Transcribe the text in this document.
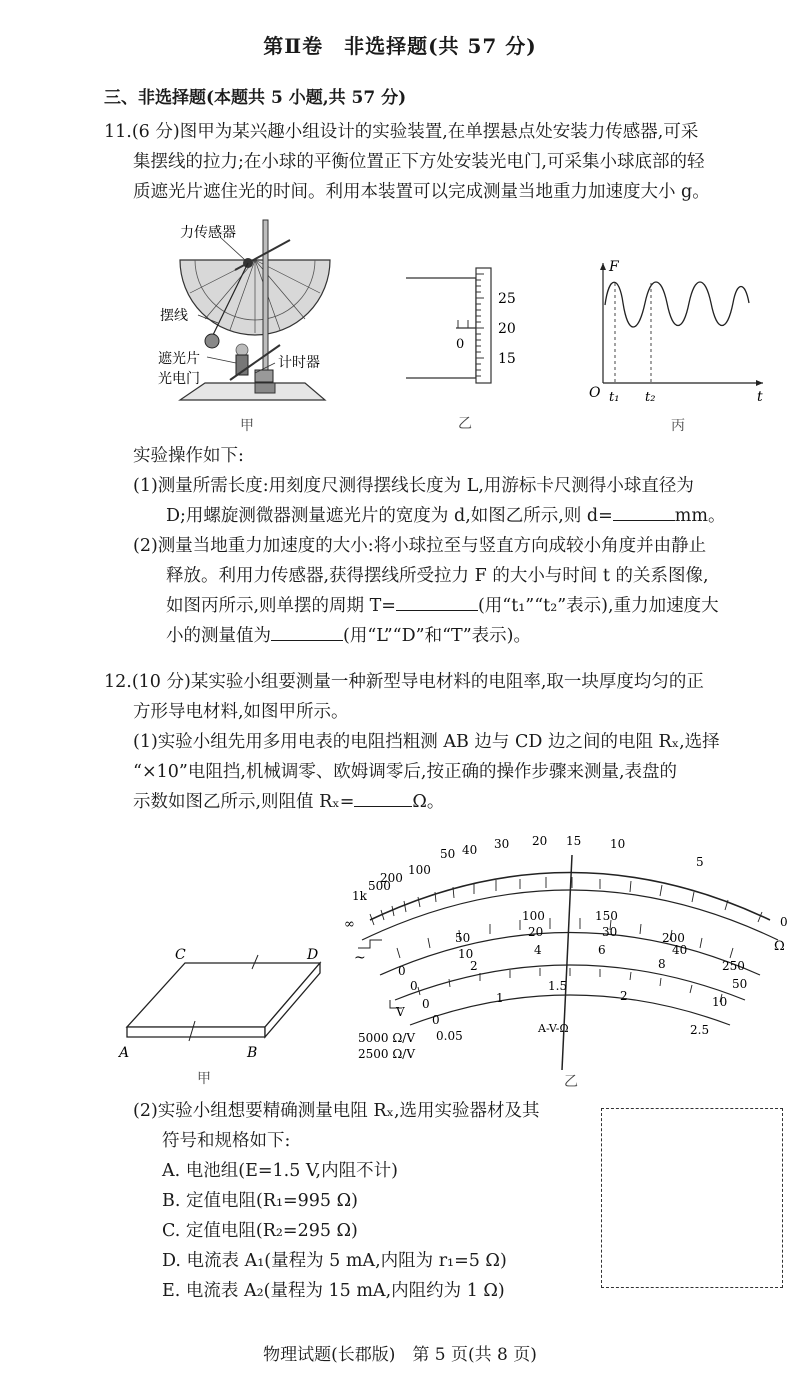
第Ⅱ卷　非选择题(共 57 分)
三、非选择题(本题共 5 小题,共 57 分)
11.(6 分)图甲为某兴趣小组设计的实验装置,在单摆悬点处安装力传感器,可采
集摆线的拉力;在小球的平衡位置正下方处安装光电门,可采集小球底部的轻
质遮光片遮住光的时间。利用本装置可以完成测量当地重力加速度大小 g。
力传感器
摆线
遮光片
光电门
计时器
甲
25
20
15
0
乙
F
t
O t₁ t₂
丙
实验操作如下:
(1)测量所需长度:用刻度尺测得摆线长度为 L,用游标卡尺测得小球直径为
D;用螺旋测微器测量遮光片的宽度为 d,如图乙所示,则 d=	mm。
(2)测量当地重力加速度的大小:将小球拉至与竖直方向成较小角度并由静止
释放。利用力传感器,获得摆线所受拉力 F 的大小与时间 t 的关系图像,
如图丙所示,则单摆的周期 T=	(用“t₁”“t₂”表示),重力加速度大
小的测量值为	(用“L”“D”和“T”表示)。
12.(10 分)某实验小组要测量一种新型导电材料的电阻率,取一块厚度均匀的正
方形导电材料,如图甲所示。
(1)实验小组先用多用电表的电阻挡粗测 AB 边与 CD 边之间的电阻 Rₓ,选择
“×10”电阻挡,机械调零、欧姆调零后,按正确的操作步骤来测量,表盘的
示数如图乙所示,则阻值 Rₓ=	Ω。
C	D
A	B
甲
∞
1k
500
200
100
50 40 30 20 15 10
5
0
Ω
0
50
100	150
200
250
0
10
20	30
40
50
0
2
4	6
8
10
0
0.05
1
1.5
2
2.5
~
V
5000 Ω/V
2500 Ω/V
A-V-Ω
乙
(2)实验小组想要精确测量电阻 Rₓ,选用实验器材及其
符号和规格如下:
A. 电池组(E=1.5 V,内阻不计)
B. 定值电阻(R₁=995 Ω)
C. 定值电阻(R₂=295 Ω)
D. 电流表 A₁(量程为 5 mA,内阻为 r₁=5 Ω)
E. 电流表 A₂(量程为 15 mA,内阻约为 1 Ω)
物理试题(长郡版)　第 5 页(共 8 页)
